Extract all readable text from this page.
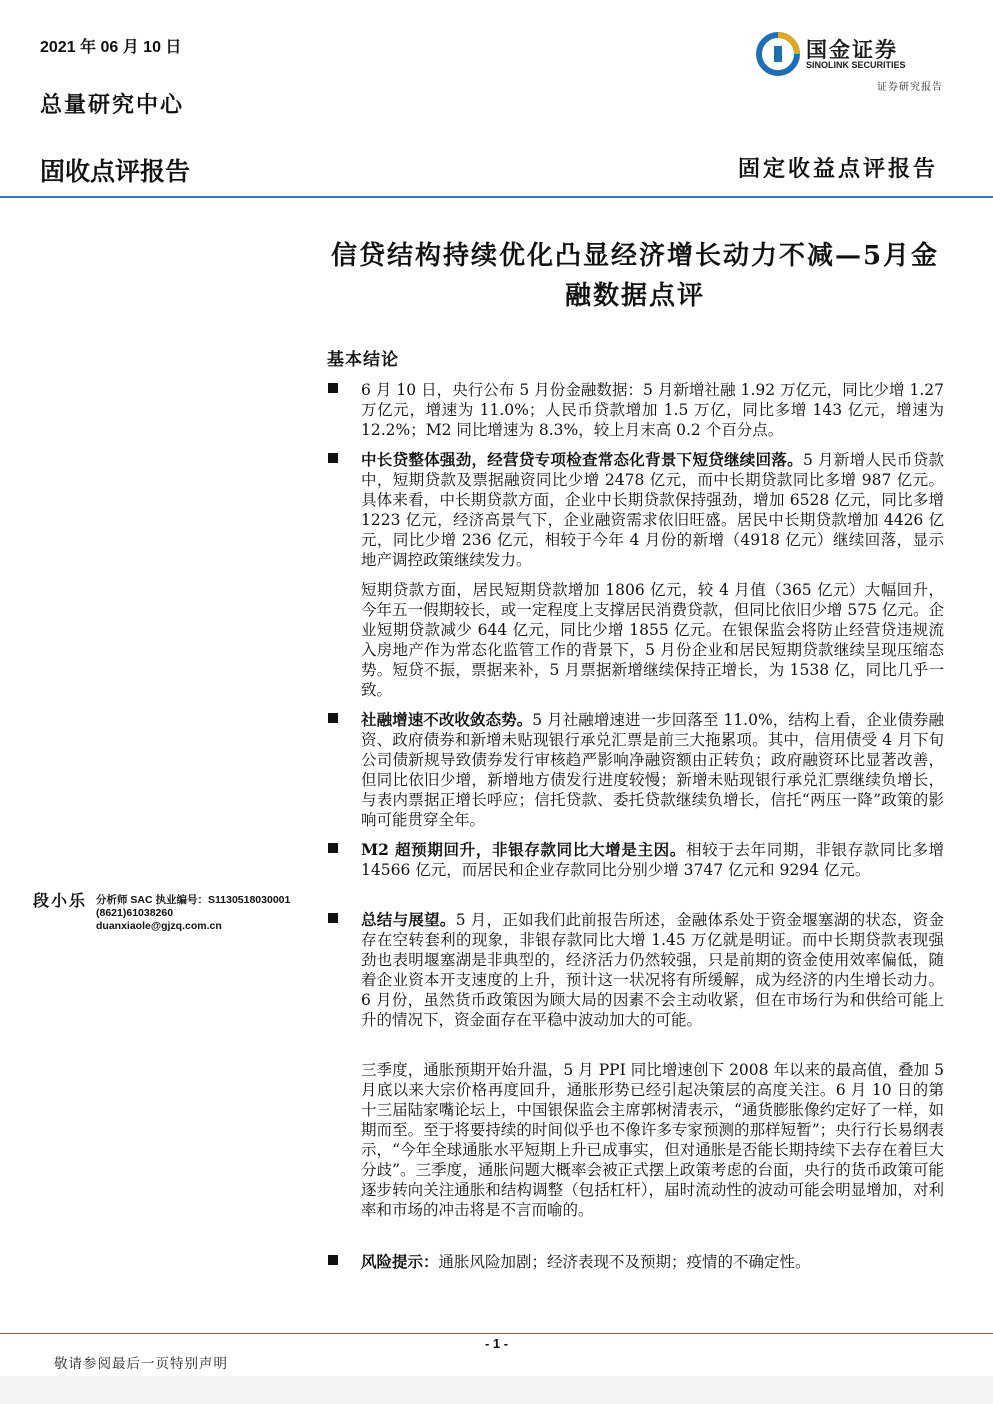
2021 年 06 月 10 日
总量研究中心
固收点评报告	固定收益点评报告
国金证券
SINOLINK SECURITIES
证券研究报告
信贷结构持续优化凸显经济增长动力不减—5月金融数据点评
基本结论
6 月 10 日，央行公布 5 月份金融数据：5 月新增社融 1.92 万亿元，同比少增 1.27 万亿元，增速为 11.0%；人民币贷款增加 1.5 万亿，同比多增 143 亿元，增速为 12.2%；M2 同比增速为 8.3%，较上月末高 0.2 个百分点。
中长贷整体强劲，经营贷专项检查常态化背景下短贷继续回落。5 月新增人民币贷款中，短期贷款及票据融资同比少增 2478 亿元，而中长期贷款同比多增 987 亿元。具体来看，中长期贷款方面，企业中长期贷款保持强劲，增加 6528 亿元，同比多增 1223 亿元，经济高景气下，企业融资需求依旧旺盛。居民中长期贷款增加 4426 亿元，同比少增 236 亿元，相较于今年 4 月份的新增（4918 亿元）继续回落，显示地产调控政策继续发力。
短期贷款方面，居民短期贷款增加 1806 亿元，较 4 月值（365 亿元）大幅回升，今年五一假期较长，或一定程度上支撑居民消费贷款，但同比依旧少增 575 亿元。企业短期贷款减少 644 亿元，同比少增 1855 亿元。在银保监会将防止经营贷违规流入房地产作为常态化监管工作的背景下，5 月份企业和居民短期贷款继续呈现压缩态势。短贷不振，票据来补，5 月票据新增继续保持正增长，为 1538 亿，同比几乎一致。
社融增速不改收敛态势。5 月社融增速进一步回落至 11.0%，结构上看，企业债券融资、政府债券和新增未贴现银行承兑汇票是前三大拖累项。其中，信用债受 4 月下旬公司债新规导致债券发行审核趋严影响净融资额由正转负；政府融资环比显著改善，但同比依旧少增，新增地方债发行进度较慢；新增未贴现银行承兑汇票继续负增长，与表内票据正增长呼应；信托贷款、委托贷款继续负增长，信托“两压一降”政策的影响可能贯穿全年。
M2 超预期回升，非银存款同比大增是主因。相较于去年同期，非银存款同比多增 14566 亿元，而居民和企业存款同比分别少增 3747 亿元和 9294 亿元。
总结与展望。5 月，正如我们此前报告所述，金融体系处于资金堰塞湖的状态，资金存在空转套利的现象，非银存款同比大增 1.45 万亿就是明证。而中长期贷款表现强劲也表明堰塞湖是非典型的，经济活力仍然较强，只是前期的资金使用效率偏低，随着企业资本开支速度的上升，预计这一状况将有所缓解，成为经济的内生增长动力。6 月份，虽然货币政策因为顾大局的因素不会主动收紧，但在市场行为和供给可能上升的情况下，资金面存在平稳中波动加大的可能。
三季度，通胀预期开始升温，5 月 PPI 同比增速创下 2008 年以来的最高值，叠加 5 月底以来大宗价格再度回升，通胀形势已经引起决策层的高度关注。6 月 10 日的第十三届陆家嘴论坛上，中国银保监会主席郭树清表示，“通货膨胀像约定好了一样，如期而至。至于将要持续的时间似乎也不像许多专家预测的那样短暂”；央行行长易纲表示，“今年全球通胀水平短期上升已成事实，但对通胀是否能长期持续下去存在着巨大分歧”。三季度，通胀问题大概率会被正式摆上政策考虑的台面，央行的货币政策可能逐步转向关注通胀和结构调整（包括杠杆），届时流动性的波动可能会明显增加，对利率和市场的冲击将是不言而喻的。
风险提示：通胀风险加剧；经济表现不及预期；疫情的不确定性。
段小乐 分析师 SAC 执业编号：S1130518030001
(8621)61038260
duanxiaole@gjzq.com.cn
- 1 -
敬请参阅最后一页特别声明
